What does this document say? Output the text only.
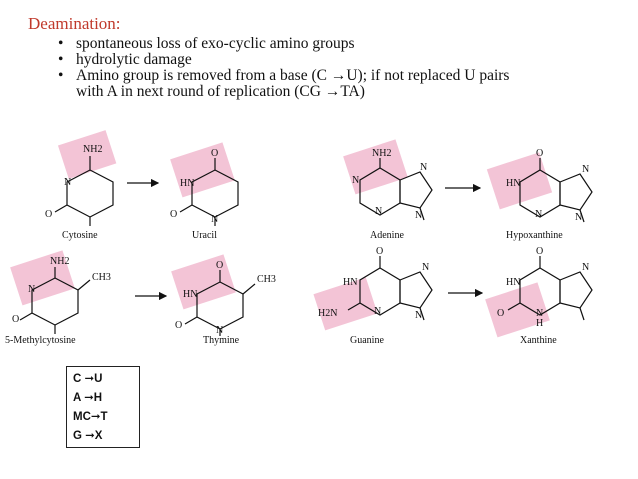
Deamination:
• spontaneous loss of exo-cyclic amino groups
• hydrolytic damage
• Amino group is removed from a base (C →U); if not replaced U pairs
with A in next round of replication (CG →TA)
NH2
N
O
Cytosine
O
HN
O	N
Uracil
NH2
CH3
N
O
5-Methylcytosine
O
CH3
HN
O	N
Thymine
NH2
N
N
N	N
Adenine
O
HN
N
N	N
Hypoxanthine
O
HN
H2N
N
N	N
Guanine
O
HN
O
N
N
H
Xanthine
C ➞U
A ➞H
MC➞T
G ➞X
